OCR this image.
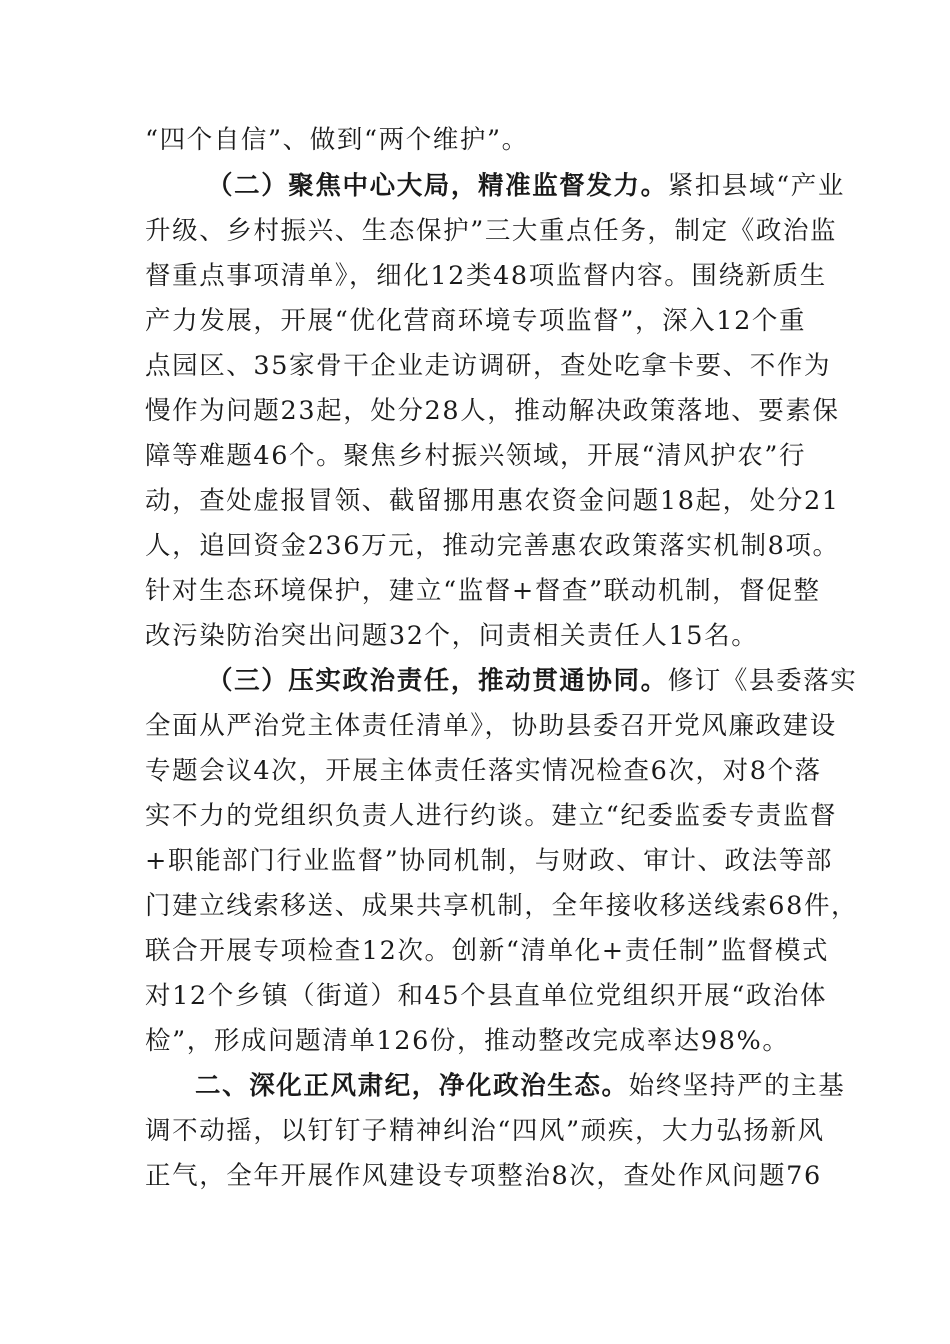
“四个自信”、做到“两个维护”。
（二）聚焦中心大局，精准监督发力。紧扣县域“产业
升级、乡村振兴、生态保护”三大重点任务，制定《政治监
督重点事项清单》，细化12类48项监督内容。围绕新质生
产力发展，开展“优化营商环境专项监督”，深入12个重
点园区、35家骨干企业走访调研，查处吃拿卡要、不作为
慢作为问题23起，处分28人，推动解决政策落地、要素保
障等难题46个。聚焦乡村振兴领域，开展“清风护农”行
动，查处虚报冒领、截留挪用惠农资金问题18起，处分21
人，追回资金236万元，推动完善惠农政策落实机制8项。
针对生态环境保护，建立“监督+督查”联动机制，督促整
改污染防治突出问题32个，问责相关责任人15名。
（三）压实政治责任，推动贯通协同。修订《县委落实
全面从严治党主体责任清单》，协助县委召开党风廉政建设
专题会议4次，开展主体责任落实情况检查6次，对8个落
实不力的党组织负责人进行约谈。建立“纪委监委专责监督
+职能部门行业监督”协同机制，与财政、审计、政法等部
门建立线索移送、成果共享机制，全年接收移送线索68件，
联合开展专项检查12次。创新“清单化+责任制”监督模式
对12个乡镇（街道）和45个县直单位党组织开展“政治体
检”，形成问题清单126份，推动整改完成率达98%。
二、深化正风肃纪，净化政治生态。始终坚持严的主基
调不动摇，以钉钉子精神纠治“四风”顽疾，大力弘扬新风
正气，全年开展作风建设专项整治8次，查处作风问题76
